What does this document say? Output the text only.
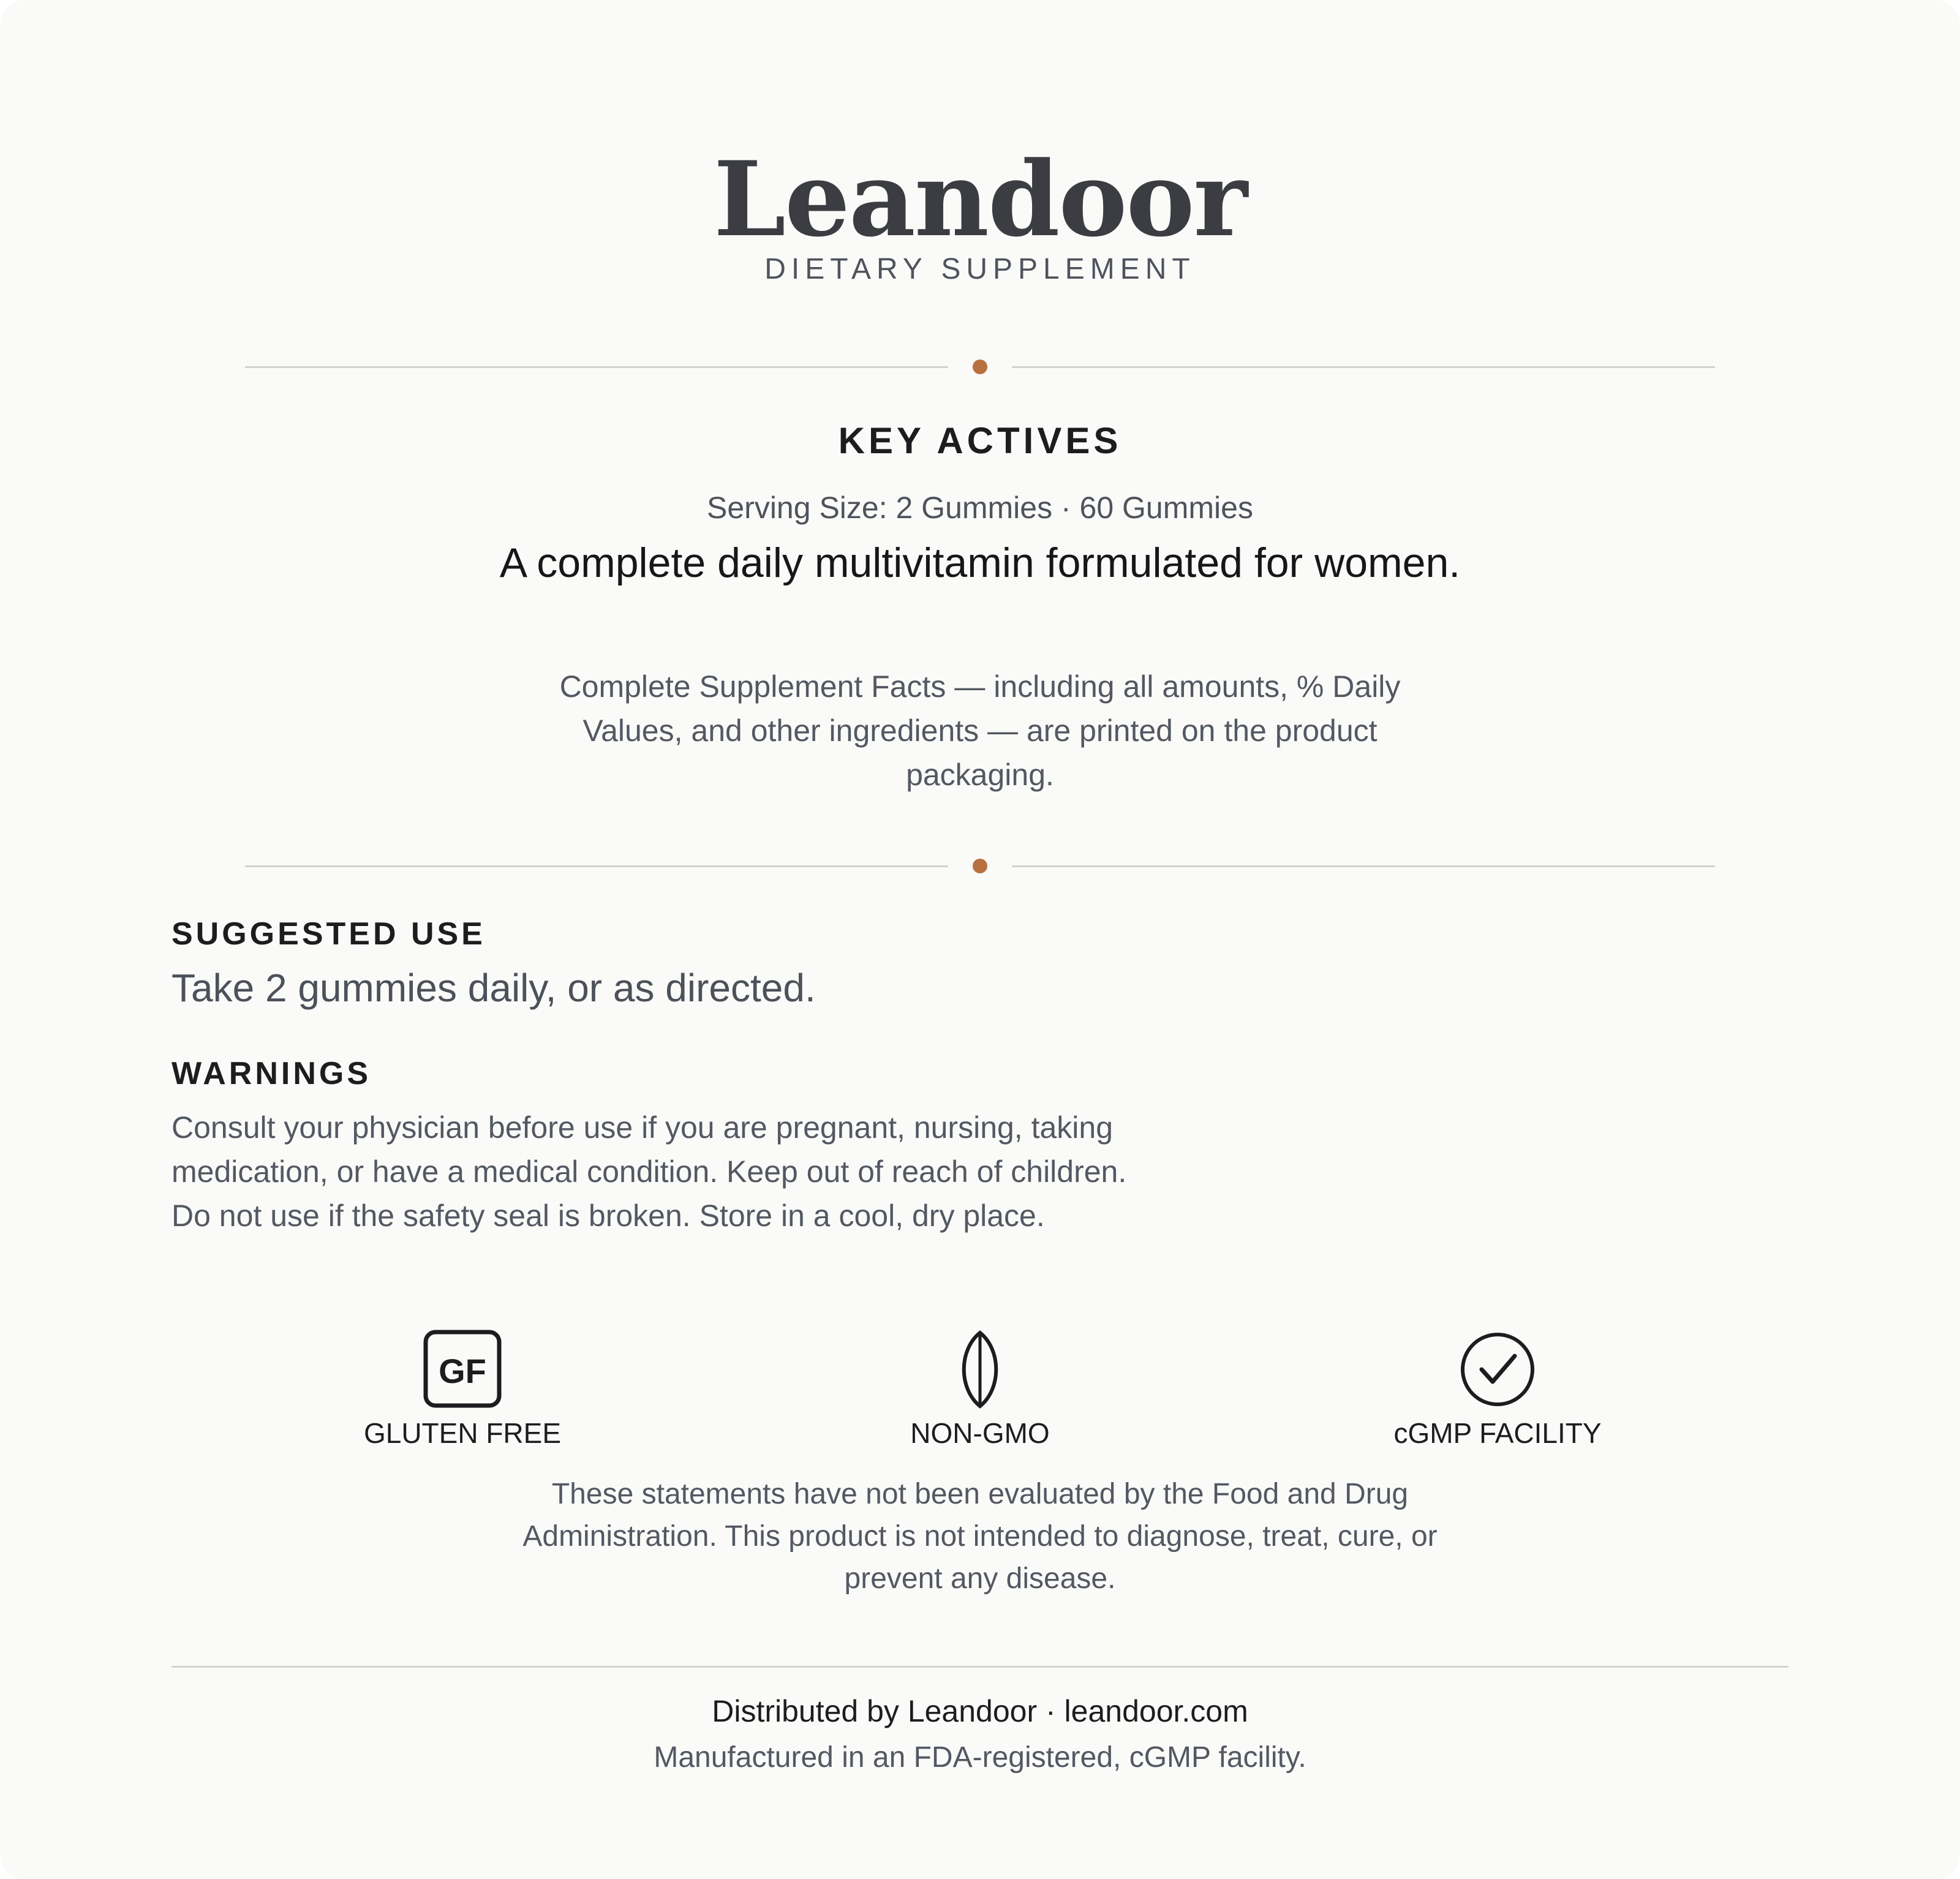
Leandoor
DIETARY SUPPLEMENT
KEY ACTIVES
Serving Size: 2 Gummies · 60 Gummies
A complete daily multivitamin formulated for women.
Complete Supplement Facts — including all amounts, % Daily Values, and other ingredients — are printed on the product packaging.
SUGGESTED USE
Take 2 gummies daily, or as directed.
WARNINGS
Consult your physician before use if you are pregnant, nursing, taking medication, or have a medical condition. Keep out of reach of children. Do not use if the safety seal is broken. Store in a cool, dry place.
GF
GLUTEN FREE	NON-GMO	cGMP FACILITY
These statements have not been evaluated by the Food and Drug Administration. This product is not intended to diagnose, treat, cure, or prevent any disease.
Distributed by Leandoor · leandoor.com
Manufactured in an FDA-registered, cGMP facility.
